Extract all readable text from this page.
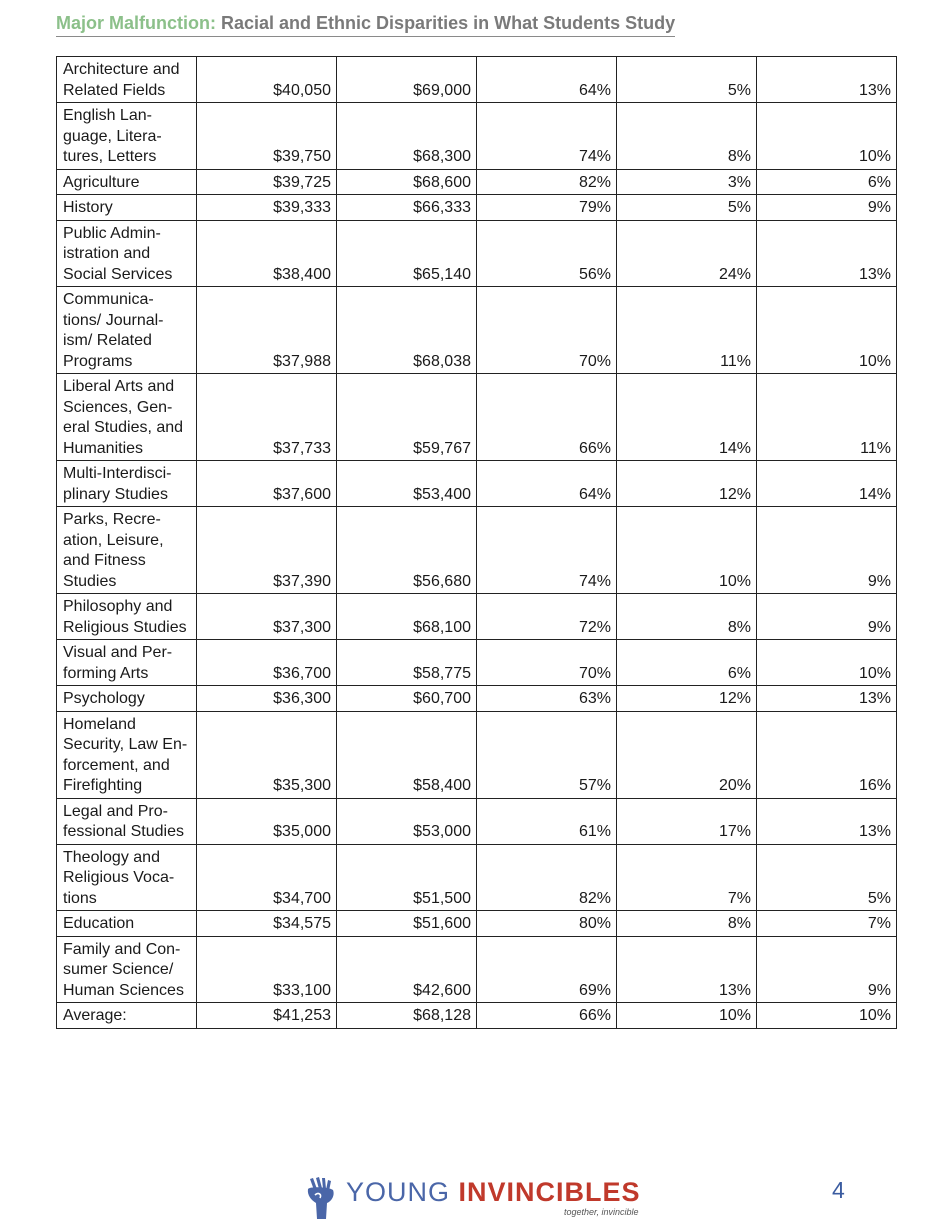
Major Malfunction: Racial and Ethnic Disparities in What Students Study
Architecture and
Related Fields	$40,050	$69,000	64%	5%	13%
English Lan-
guage, Litera-
tures, Letters	$39,750	$68,300	74%	8%	10%
Agriculture	$39,725	$68,600	82%	3%	6%
History	$39,333	$66,333	79%	5%	9%
Public Admin-
istration and
Social Services	$38,400	$65,140	56%	24%	13%
Communica-
tions/ Journal-
ism/ Related
Programs	$37,988	$68,038	70%	11%	10%
Liberal Arts and
Sciences, Gen-
eral Studies, and
Humanities	$37,733	$59,767	66%	14%	11%
Multi-Interdisci-
plinary Studies	$37,600	$53,400	64%	12%	14%
Parks, Recre-
ation, Leisure,
and Fitness
Studies	$37,390	$56,680	74%	10%	9%
Philosophy and
Religious Studies	$37,300	$68,100	72%	8%	9%
Visual and Per-
forming Arts	$36,700	$58,775	70%	6%	10%
Psychology	$36,300	$60,700	63%	12%	13%
Homeland
Security, Law En-
forcement, and
Firefighting	$35,300	$58,400	57%	20%	16%
Legal and Pro-
fessional Studies	$35,000	$53,000	61%	17%	13%
Theology and
Religious Voca-
tions	$34,700	$51,500	82%	7%	5%
Education	$34,575	$51,600	80%	8%	7%
Family and Con-
sumer Science/
Human Sciences	$33,100	$42,600	69%	13%	9%
Average:	$41,253	$68,128	66%	10%	10%
YOUNG INVINCIBLES
together, invincible
4
